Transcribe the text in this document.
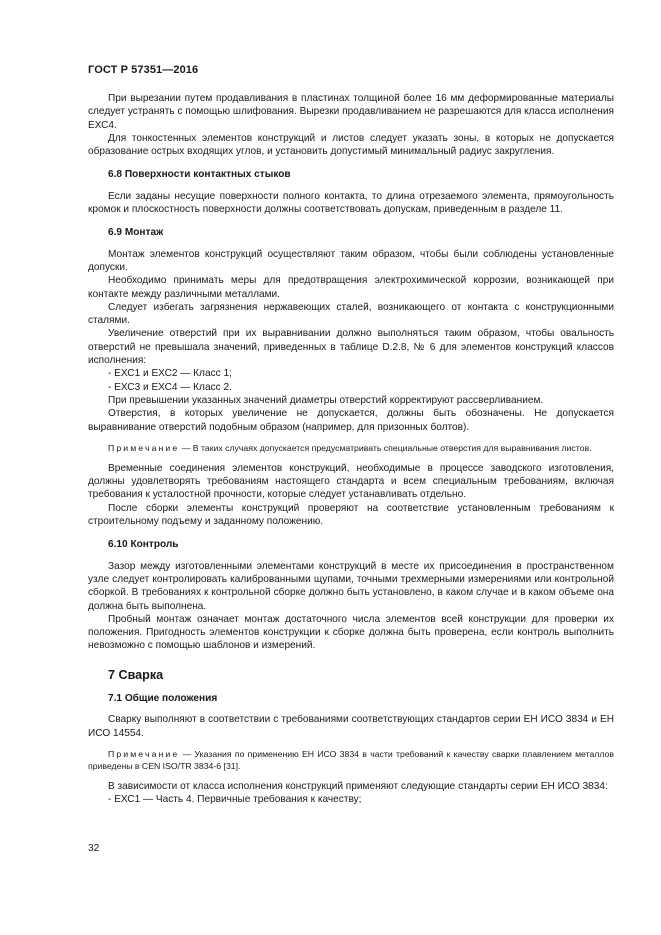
ГОСТ Р 57351—2016

При вырезании путем продавливания в пластинах толщиной более 16 мм деформированные материалы следует устранять с помощью шлифования. Вырезки продавливанием не разрешаются для класса исполнения ЕХС4.

Для тонкостенных элементов конструкций и листов следует указать зоны, в которых не допускается образование острых входящих углов, и установить допустимый минимальный радиус закругления.

6.8 Поверхности контактных стыков

Если заданы несущие поверхности полного контакта, то длина отрезаемого элемента, прямоугольность кромок и плоскостность поверхности должны соответствовать допускам, приведенным в разделе 11.

6.9 Монтаж

Монтаж элементов конструкций осуществляют таким образом, чтобы были соблюдены установленные допуски.

Необходимо принимать меры для предотвращения электрохимической коррозии, возникающей при контакте между различными металлами.

Следует избегать загрязнения нержавеющих сталей, возникающего от контакта с конструкционными сталями.

Увеличение отверстий при их выравнивании должно выполняться таким образом, чтобы овальность отверстий не превышала значений, приведенных в таблице D.2.8, № 6 для элементов конструкций классов исполнения:

- ЕХС1 и ЕХС2 — Класс 1;

- ЕХС3 и ЕХС4 — Класс 2.

При превышении указанных значений диаметры отверстий корректируют рассверливанием.

Отверстия, в которых увеличение не допускается, должны быть обозначены. Не допускается выравнивание отверстий подобным образом (например, для призонных болтов).

Примечание — В таких случаях допускается предусматривать специальные отверстия для выравнивания листов.

Временные соединения элементов конструкций, необходимые в процессе заводского изготовления, должны удовлетворять требованиям настоящего стандарта и всем специальным требованиям, включая требования к усталостной прочности, которые следует устанавливать отдельно.

После сборки элементы конструкций проверяют на соответствие установленным требованиям к строительному подъему и заданному положению.

6.10 Контроль

Зазор между изготовленными элементами конструкций в месте их присоединения в пространственном узле следует контролировать калиброванными щупами, точными трехмерными измерениями или контрольной сборкой. В требованиях к контрольной сборке должно быть установлено, в каком случае и в каком объеме она должна быть выполнена.

Пробный монтаж означает монтаж достаточного числа элементов всей конструкции для проверки их положения. Пригодность элементов конструкции к сборке должна быть проверена, если контроль выполнить невозможно с помощью шаблонов и измерений.

7 Сварка
7.1 Общие положения

Сварку выполняют в соответствии с требованиями соответствующих стандартов серии ЕН ИСО 3834 и ЕН ИСО 14554.

Примечание — Указания по применению ЕН ИСО 3834 в части требований к качеству сварки плавлением металлов приведены в CEN ISO/TR 3834-6 [31].

В зависимости от класса исполнения конструкций применяют следующие стандарты серии ЕН ИСО 3834:

- ЕХС1 — Часть 4. Первичные требования к качеству;

32
